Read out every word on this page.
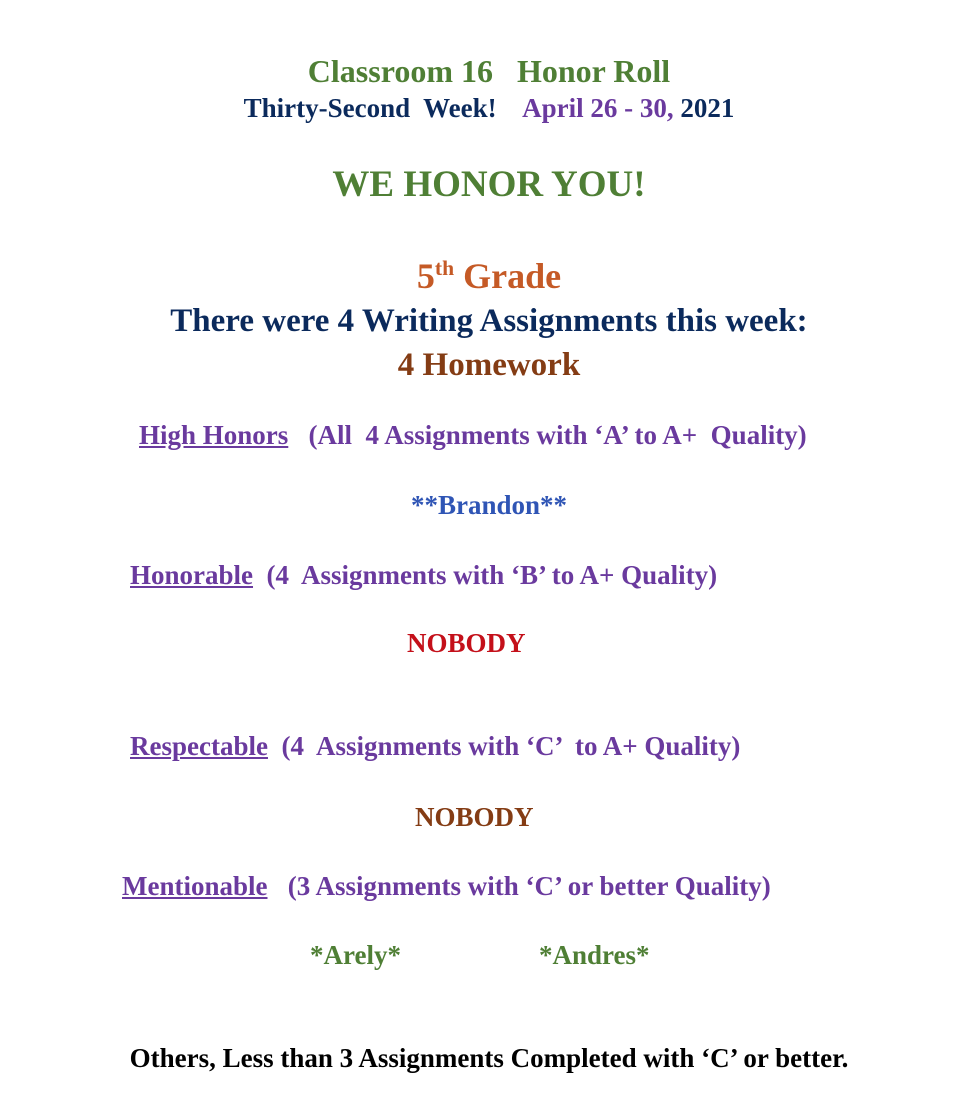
Classroom 16 Honor Roll
Thirty-Second  Week! April 26 - 30, 2021
WE HONOR YOU!
5th Grade
There were 4 Writing Assignments this week:
4 Homework
High Honors (All  4 Assignments with ‘A’ to A+  Quality)
**Brandon**
Honorable (4  Assignments with ‘B’ to A+ Quality)
NOBODY
Respectable (4  Assignments with ‘C’  to A+ Quality)
NOBODY
Mentionable (3 Assignments with ‘C’ or better Quality)
*Arely*	*Andres*
Others, Less than 3 Assignments Completed with ‘C’ or better.
